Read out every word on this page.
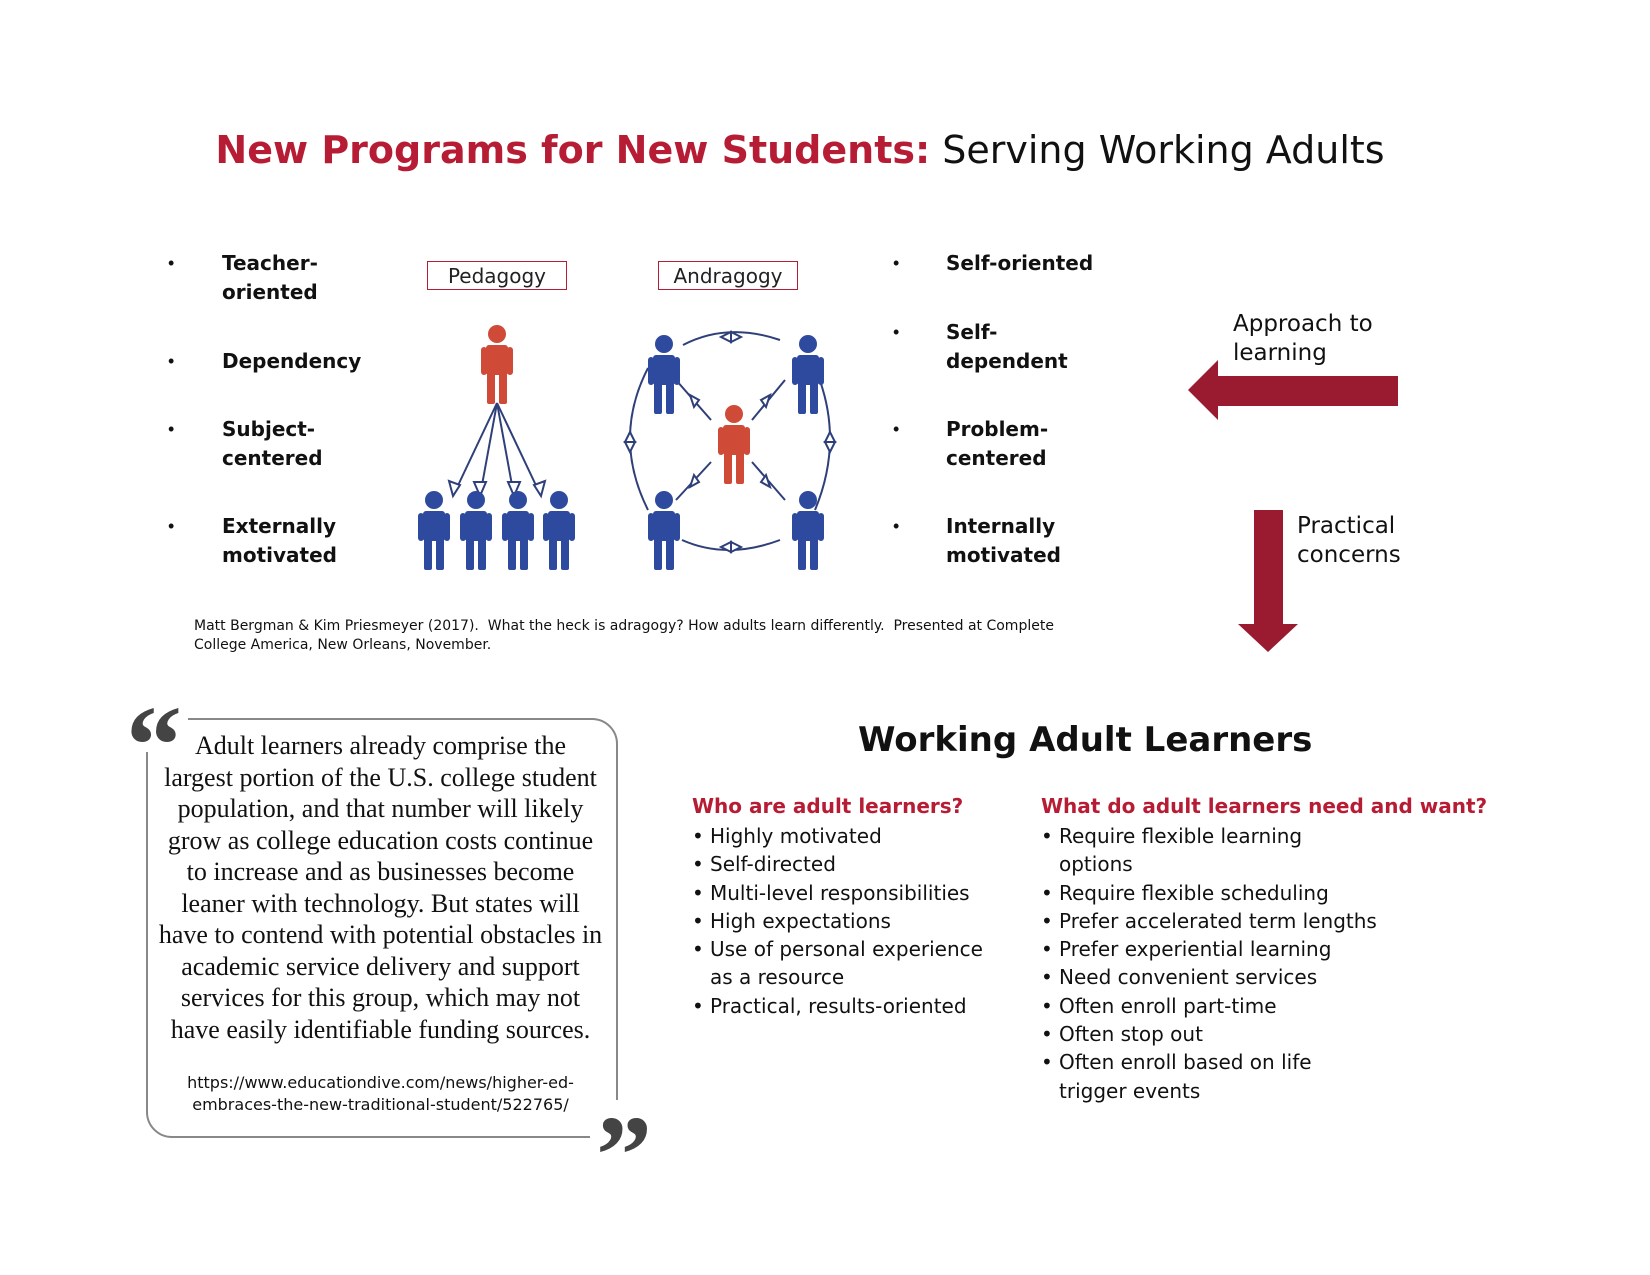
New Programs for New Students: Serving Working Adults
• Teacher-
oriented
• Dependency
• Subject-
centered
• Externally
motivated
• Self-oriented
• Self-
dependent
• Problem-
centered
• Internally
motivated
Pedagogy	Andragogy
Approach to
learning
Practical
concerns
Matt Bergman & Kim Priesmeyer (2017).  What the heck is adragogy? How adults learn differently.  Presented at Complete
College America, New Orleans, November.
“
”
Adult learners already comprise the largest portion of the U.S. college student population, and that number will likely grow as college education costs continue to increase and as businesses become leaner with technology. But states will have to contend with potential obstacles in academic service delivery and support services for this group, which may not have easily identifiable funding sources.
https://www.educationdive.com/news/higher-ed-
embraces-the-new-traditional-student/522765/
Working Adult Learners
Who are adult learners?
• Highly motivated
• Self-directed
• Multi-level responsibilities
• High expectations
• Use of personal experience as a resource
• Practical, results-oriented
What do adult learners need and want?
• Require flexible learning options
• Require flexible scheduling
• Prefer accelerated term lengths
• Prefer experiential learning
• Need convenient services
• Often enroll part-time
• Often stop out
• Often enroll based on life trigger events
